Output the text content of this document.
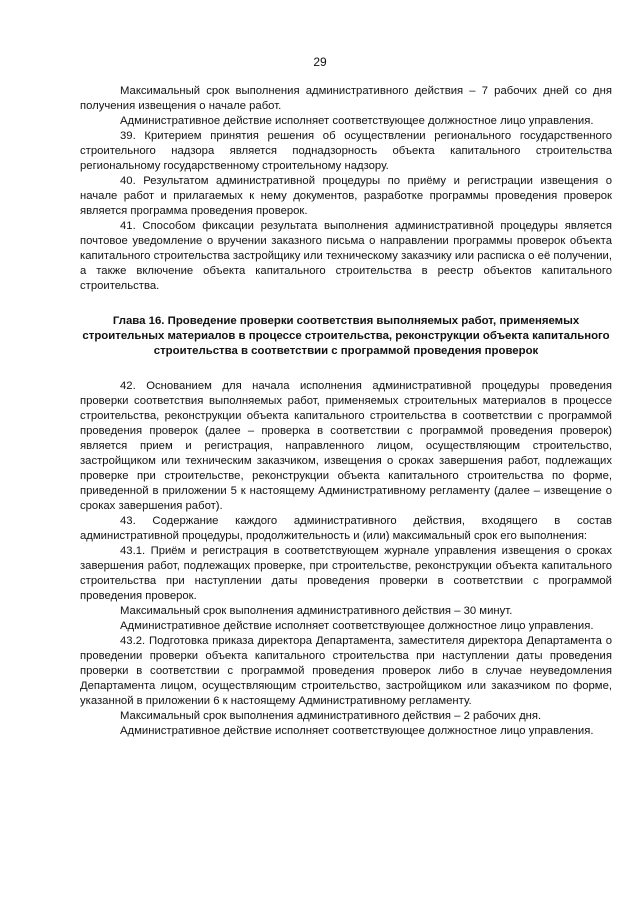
29

Максимальный срок выполнения административного действия – 7 рабочих дней со дня получения извещения о начале работ.

Административное действие исполняет соответствующее должностное лицо управления.

39. Критерием принятия решения об осуществлении регионального государственного строительного надзора является поднадзорность объекта капитального строительства региональному государственному строительному надзору.

40. Результатом административной процедуры по приёму и регистрации извещения о начале работ и прилагаемых к нему документов, разработке программы проведения проверок является программа проведения проверок.

41. Способом фиксации результата выполнения административной процедуры является почтовое уведомление о вручении заказного письма о направлении программы проверок объекта капитального строительства застройщику или техническому заказчику или расписка о её получении, а также включение объекта капитального строительства в реестр объектов капитального строительства.

Глава 16. Проведение проверки соответствия выполняемых работ, применяемых строительных материалов в процессе строительства, реконструкции объекта капитального строительства в соответствии с программой проведения проверок

42. Основанием для начала исполнения административной процедуры проведения проверки соответствия выполняемых работ, применяемых строительных материалов в процессе строительства, реконструкции объекта капитального строительства в соответствии с программой проведения проверок (далее – проверка в соответствии с программой проведения проверок) является прием и регистрация, направленного лицом, осуществляющим строительство, застройщиком или техническим заказчиком, извещения о сроках завершения работ, подлежащих проверке при строительстве, реконструкции объекта капитального строительства по форме, приведенной в приложении 5 к настоящему Административному регламенту (далее – извещение о сроках завершения работ).

43. Содержание каждого административного действия, входящего в состав административной процедуры, продолжительность и (или) максимальный срок его выполнения:

43.1. Приём и регистрация в соответствующем журнале управления извещения о сроках завершения работ, подлежащих проверке, при строительстве, реконструкции объекта капитального строительства при наступлении даты проведения проверки в соответствии с программой проведения проверок.

Максимальный срок выполнения административного действия – 30 минут.

Административное действие исполняет соответствующее должностное лицо управления.

43.2. Подготовка приказа директора Департамента, заместителя директора Департамента о проведении проверки объекта капитального строительства при наступлении даты проведения проверки в соответствии с программой проведения проверок либо в случае неуведомления Департамента лицом, осуществляющим строительство, застройщиком или заказчиком по форме, указанной в приложении 6 к настоящему Административному регламенту.

Максимальный срок выполнения административного действия – 2 рабочих дня.

Административное действие исполняет соответствующее должностное лицо управления.
